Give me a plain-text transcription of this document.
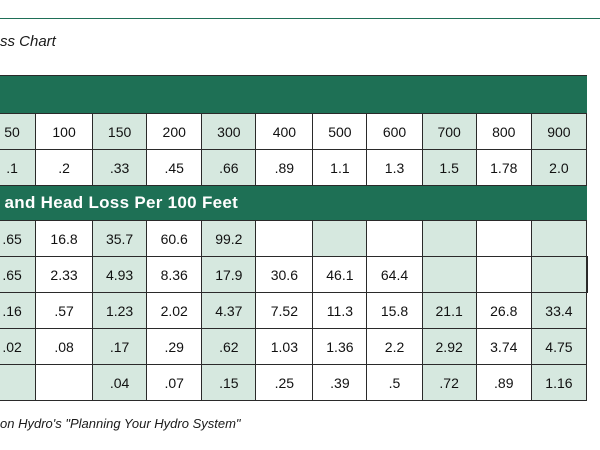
ss Chart

50	100	150	200	300	400	500	600	700	800	900	
.1	.2	.33	.45	.66	.89	1.1	1.3	1.5	1.78	2.0	
and Head Loss Per 100 Feet											
.65	16.8	35.7	60.6	99.2							
.65	2.33	4.93	8.36	17.9	30.6	46.1	64.4				
.16	.57	1.23	2.02	4.37	7.52	11.3	15.8	21.1	26.8	33.4	
.02	.08	.17	.29	.62	1.03	1.36	2.2	2.92	3.74	4.75	
		.04	.07	.15	.25	.39	.5	.72	.89	1.16	
on Hydro's "Planning Your Hydro System"
